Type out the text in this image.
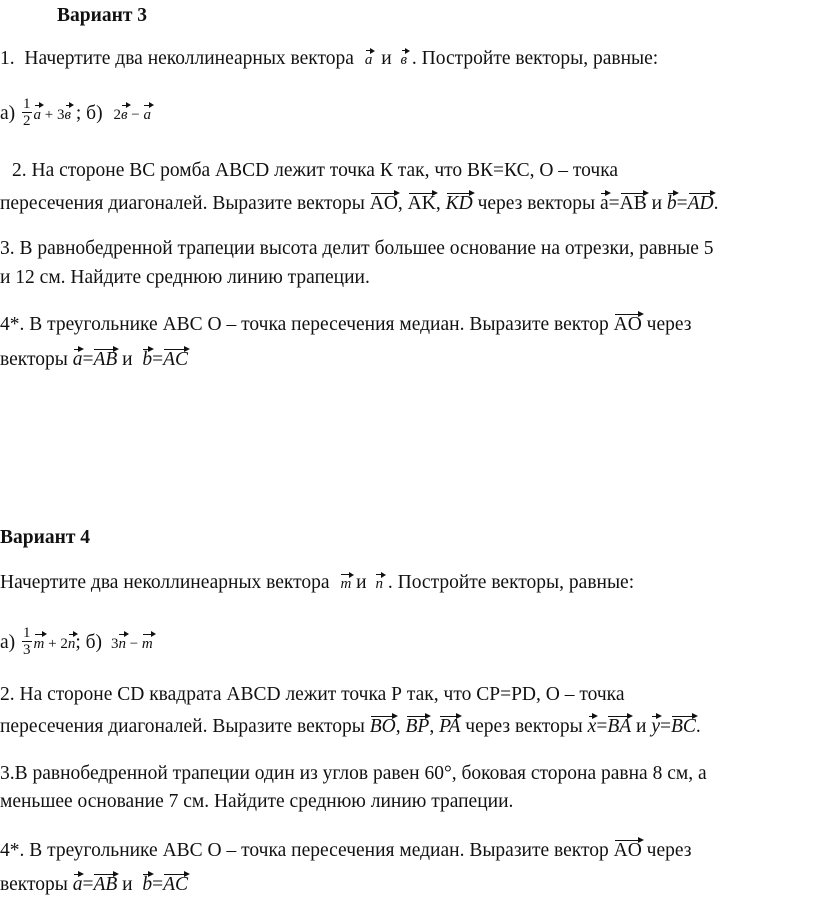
Вариант 3
1. Начертите два неколлинеарных вектора a и в . Постройте векторы, равные:
$а) \frac{1}{2}$ a + 3в ; б) 2в − a
2. На стороне ВС ромба ABCD лежит точка К так, что ВК=КС, О – точка
пересечения диагоналей. Выразите векторы AO, AK, KD через векторы a=AB и b=AD.
3. В равнобедренной трапеции высота делит большее основание на отрезки, равные 5
и 12 см. Найдите среднюю линию трапеции.
4*. В треугольнике АВС О – точка пересечения медиан. Выразите вектор AO через
векторы a=AB и b=AC
Вариант 4
Начертите два неколлинеарных вектора m и n . Постройте векторы, равные:
$а) \frac{1}{3}$ m + 2n; б) 3n − m
2. На стороне CD квадрата ABCD лежит точка Р так, что СР=PD, О – точка
пересечения диагоналей. Выразите векторы BO, BP, PA через векторы x=BA и y=BC.
3.В равнобедренной трапеции один из углов равен 60°, боковая сторона равна 8 см, а
меньшее основание 7 см. Найдите среднюю линию трапеции.
4*. В треугольнике АВС О – точка пересечения медиан. Выразите вектор AO через
векторы a=AB и b=AC
